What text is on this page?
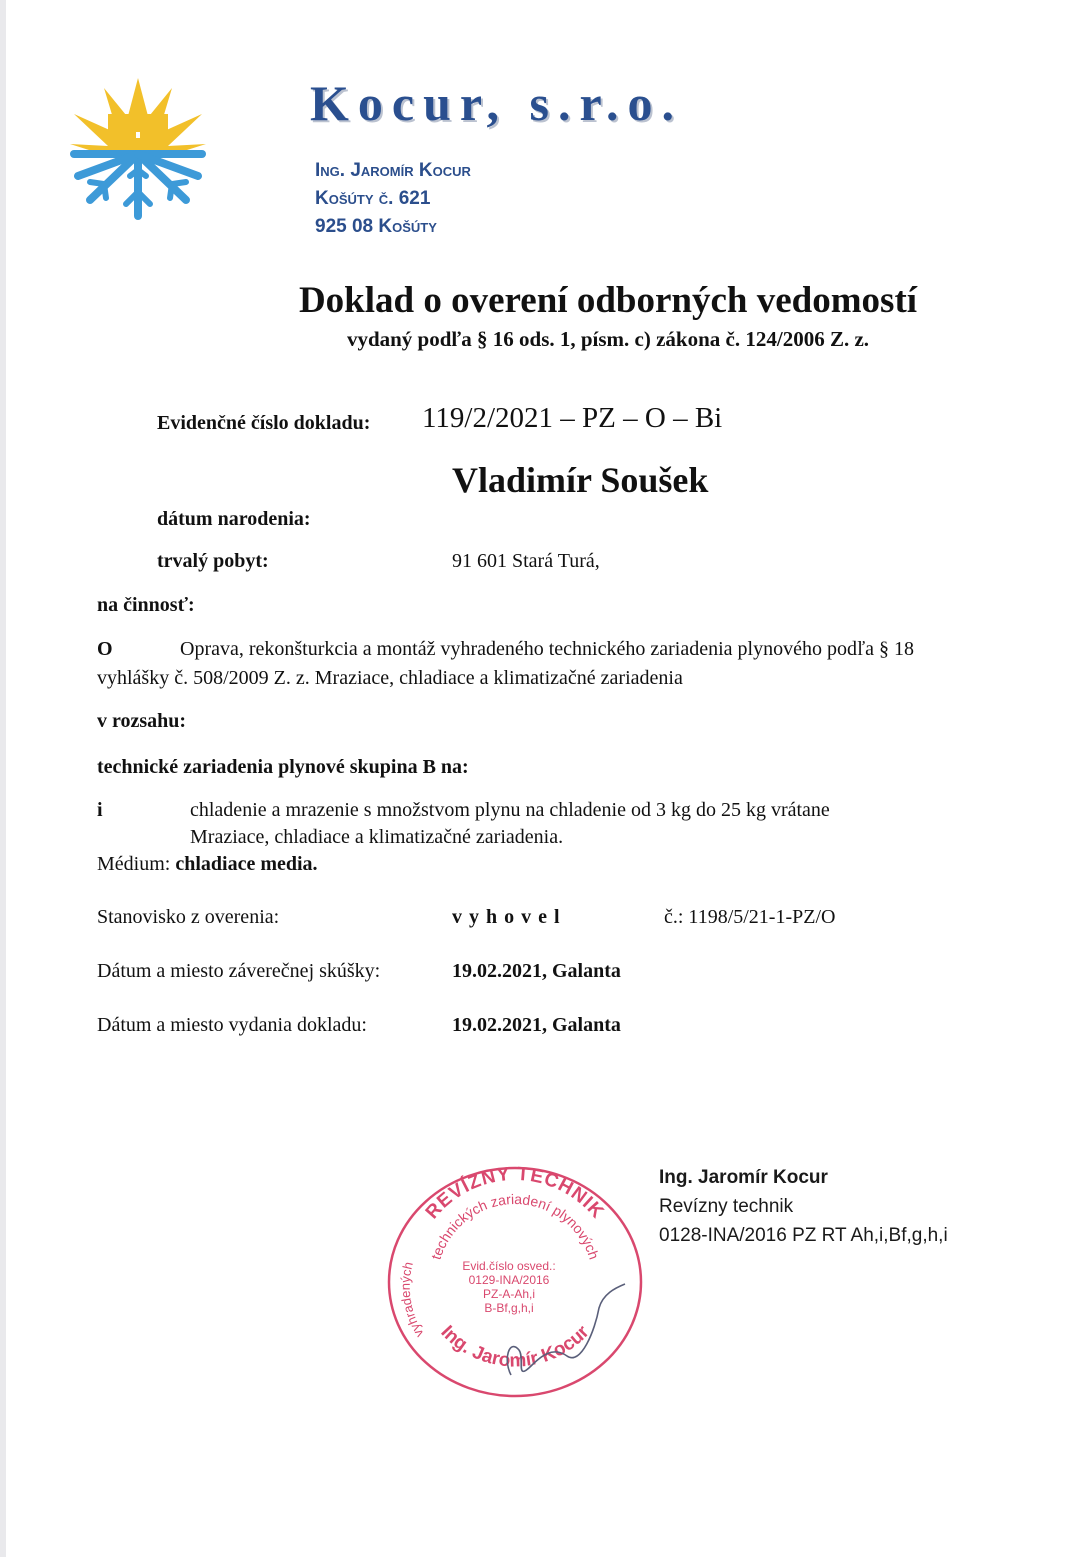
Kocur, s.r.o.
Ing. Jaromír Kocur
Košúty č. 621
925 08 Košúty
Doklad o overení odborných vedomostí
vydaný podľa § 16 ods. 1, písm. c) zákona č. 124/2006 Z. z.
Evidenčné číslo dokladu: 119/2/2021 – PZ – O – Bi
Vladimír Soušek
dátum narodenia:
trvalý pobyt:	91 601 Stará Turá,
na činnosť:
O	Oprava, rekonšturkcia a montáž vyhradeného technického zariadenia plynového podľa § 18
vyhlášky č. 508/2009 Z. z. Mraziace, chladiace a klimatizačné zariadenia
v rozsahu:
technické zariadenia plynové skupina B na:
i	chladenie a mrazenie s množstvom plynu na chladenie od 3 kg do 25 kg vrátane
Mraziace, chladiace a klimatizačné zariadenia.
Médium: chladiace media.
Stanovisko z overenia:	vyhovel	č.: 1198/5/21-1-PZ/O
Dátum a miesto záverečnej skúšky:	19.02.2021, Galanta
Dátum a miesto vydania dokladu:	19.02.2021, Galanta
REVÍZNY TECHNIK
technických zariadení plynových
vyhradených
Ing. Jaromír Kocur
Evid.číslo osved.:
0129-INA/2016
PZ-A-Ah,i
B-Bf,g,h,i
Ing. Jaromír Kocur
Revízny technik
0128-INA/2016 PZ RT Ah,i,Bf,g,h,i
